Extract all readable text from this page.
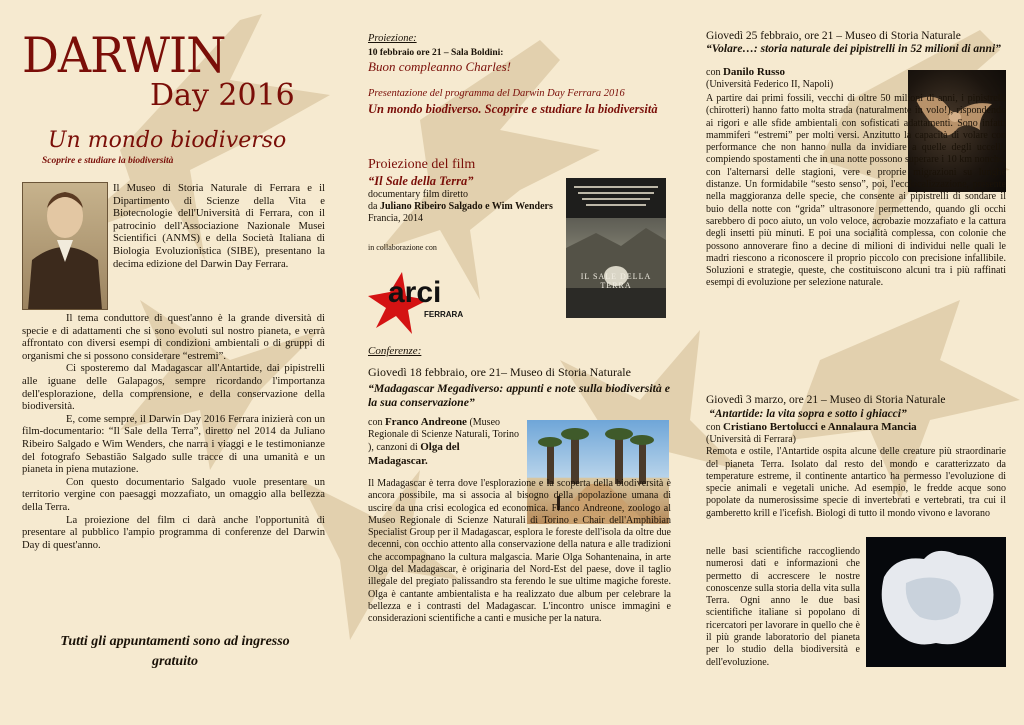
DARWIN
Day 2016
Un mondo biodiverso
Scoprire e studiare la biodiversità
Il Museo di Storia Naturale di Ferrara e il Dipartimento di Scienze della Vita e Biotecnologie dell'Università di Ferrara, con il patrocinio dell'Associazione Nazionale Musei Scientifici (ANMS) e della Società Italiana di Biologia Evoluzionistica (SIBE), presentano la decima edizione del Darwin Day Ferrara.
Il tema conduttore di quest'anno è la grande diversità di specie e di adattamenti che si sono evoluti sul nostro pianeta, e verrà affrontato con diversi esempi di condizioni ambientali o di gruppi di organismi che si possono considerare “estremi”.
Ci sposteremo dal Madagascar all'Antartide, dai pipistrelli alle iguane delle Galapagos, sempre ricordando l'importanza dell'esplorazione, della comprensione, e della conservazione della biodiversità.
E, come sempre, il Darwin Day 2016 Ferrara inizierà con un film-documentario: “Il Sale della Terra”, diretto nel 2014 da Juliano Ribeiro Salgado e Wim Wenders, che narra i viaggi e le testimonianze del fotografo Sebastião Salgado sulle tracce di una umanità e un pianeta in piena mutazione.
Con questo documentario Salgado vuole presentare un territorio vergine con paesaggi mozzafiato, un omaggio alla bellezza della Terra.
La proiezione del film ci darà anche l'opportunità di presentare al pubblico l'ampio programma di conferenze del Darwin Day di quest'anno.
Tutti gli appuntamenti sono ad ingresso gratuito
Proiezione:
10 febbraio ore 21 – Sala Boldini:
Buon compleanno Charles!
Presentazione del programma del Darwin Day Ferrara 2016
Un mondo biodiverso. Scoprire e studiare la biodiversità
Proiezione del film
“Il Sale della Terra”
documentary film diretto
da Juliano Ribeiro Salgado e Wim Wenders
Francia, 2014
in collaborazione con
IL SALE DELLA TERRA
arci
FERRARA
Conferenze:
Giovedì 18 febbraio, ore 21– Museo di Storia Naturale
“Madagascar Megadiverso: appunti e note sulla biodiversità e la sua conservazione”
con Franco Andreone (Museo Regionale di Scienze Naturali, Torino ), canzoni di Olga del Madagascar.
Il Madagascar è terra dove l'esplorazione e la scoperta della biodiversità è ancora possibile, ma si associa al bisogno della popolazione umana di uscire da una crisi ecologica ed economica. Franco Andreone, zoologo al Museo Regionale di Scienze Naturali di Torino e Chair dell'Amphibian Specialist Group per il Madagascar, esplora le foreste dell'isola da oltre due decenni, con occhio attento alla conservazione della natura e alle tradizioni che accompagnano la cultura malgascia. Marie Olga Sohantenaina, in arte Olga del Madagascar, è originaria del Nord-Est del paese, dove il taglio illegale del pregiato palissandro sta ferendo le sue ultime magiche foreste. Olga è cantante ambientalista e ha realizzato due album per celebrare la bellezza e i contrasti del Madagascar. L'incontro unisce immagini e considerazioni scientifiche a canti e musiche per la natura.
Giovedì 25 febbraio, ore 21 – Museo di Storia Naturale
“Volare…: storia naturale dei pipistrelli in 52 milioni di anni”
con Danilo Russo
(Università Federico II, Napoli)
A partire dai primi fossili, vecchi di oltre 50 milioni di anni, i pipistrelli (chirotteri) hanno fatto molta strada (naturalmente in volo!), rispondendo ai rigori e alle sfide ambientali con sofisticati adattamenti. Sono infatti mammiferi “estremi” per molti versi. Anzitutto la capacità di volare con performance che non hanno nulla da invidiare a quelle degli uccelli, compiendo spostamenti che in una notte possono superare i 10 km nonché, con l'alternarsi delle stagioni, vere e proprie migrazioni su lunghe distanze. Un formidabile “sesto senso”, poi, l'ecolocalizzazione, presente nella maggioranza delle specie, che consente ai pipistrelli di sondare il buio della notte con “grida” ultrasonore permettendo, quando gli occhi sarebbero di poco aiuto, un volo veloce, acrobazie mozzafiato e la cattura degli insetti più minuti. E poi una socialità complessa, con colonie che possono annoverare fino a decine di milioni di individui nelle quali le madri riescono a riconoscere il proprio piccolo con precisione infallibile. Soluzioni e strategie, queste, che costituiscono alcuni tra i più raffinati esempi di evoluzione per selezione naturale.
Giovedì 3 marzo, ore 21 – Museo di Storia Naturale
“Antartide: la vita sopra e sotto i ghiacci”
con Cristiano Bertolucci e Annalaura Mancia
(Università di Ferrara)
Remota e ostile, l'Antartide ospita alcune delle creature più straordinarie del pianeta Terra. Isolato dal resto del mondo e caratterizzato da temperature estreme, il continente antartico ha permesso l'evoluzione di specie animali e vegetali uniche. Ad esempio, le fredde acque sono popolate da numerosissime specie di invertebrati e vertebrati, tra cui il gamberetto krill e l'icefish. Biologi di tutto il mondo vivono e lavorano
nelle basi scientifiche raccogliendo numerosi dati e informazioni che permetto di accrescere le nostre conoscenze sulla storia della vita sulla Terra. Ogni anno le due basi scientifiche italiane si popolano di ricercatori per lavorare in quello che è il più grande laboratorio del pianeta per lo studio della biodiversità e dell'evoluzione.
